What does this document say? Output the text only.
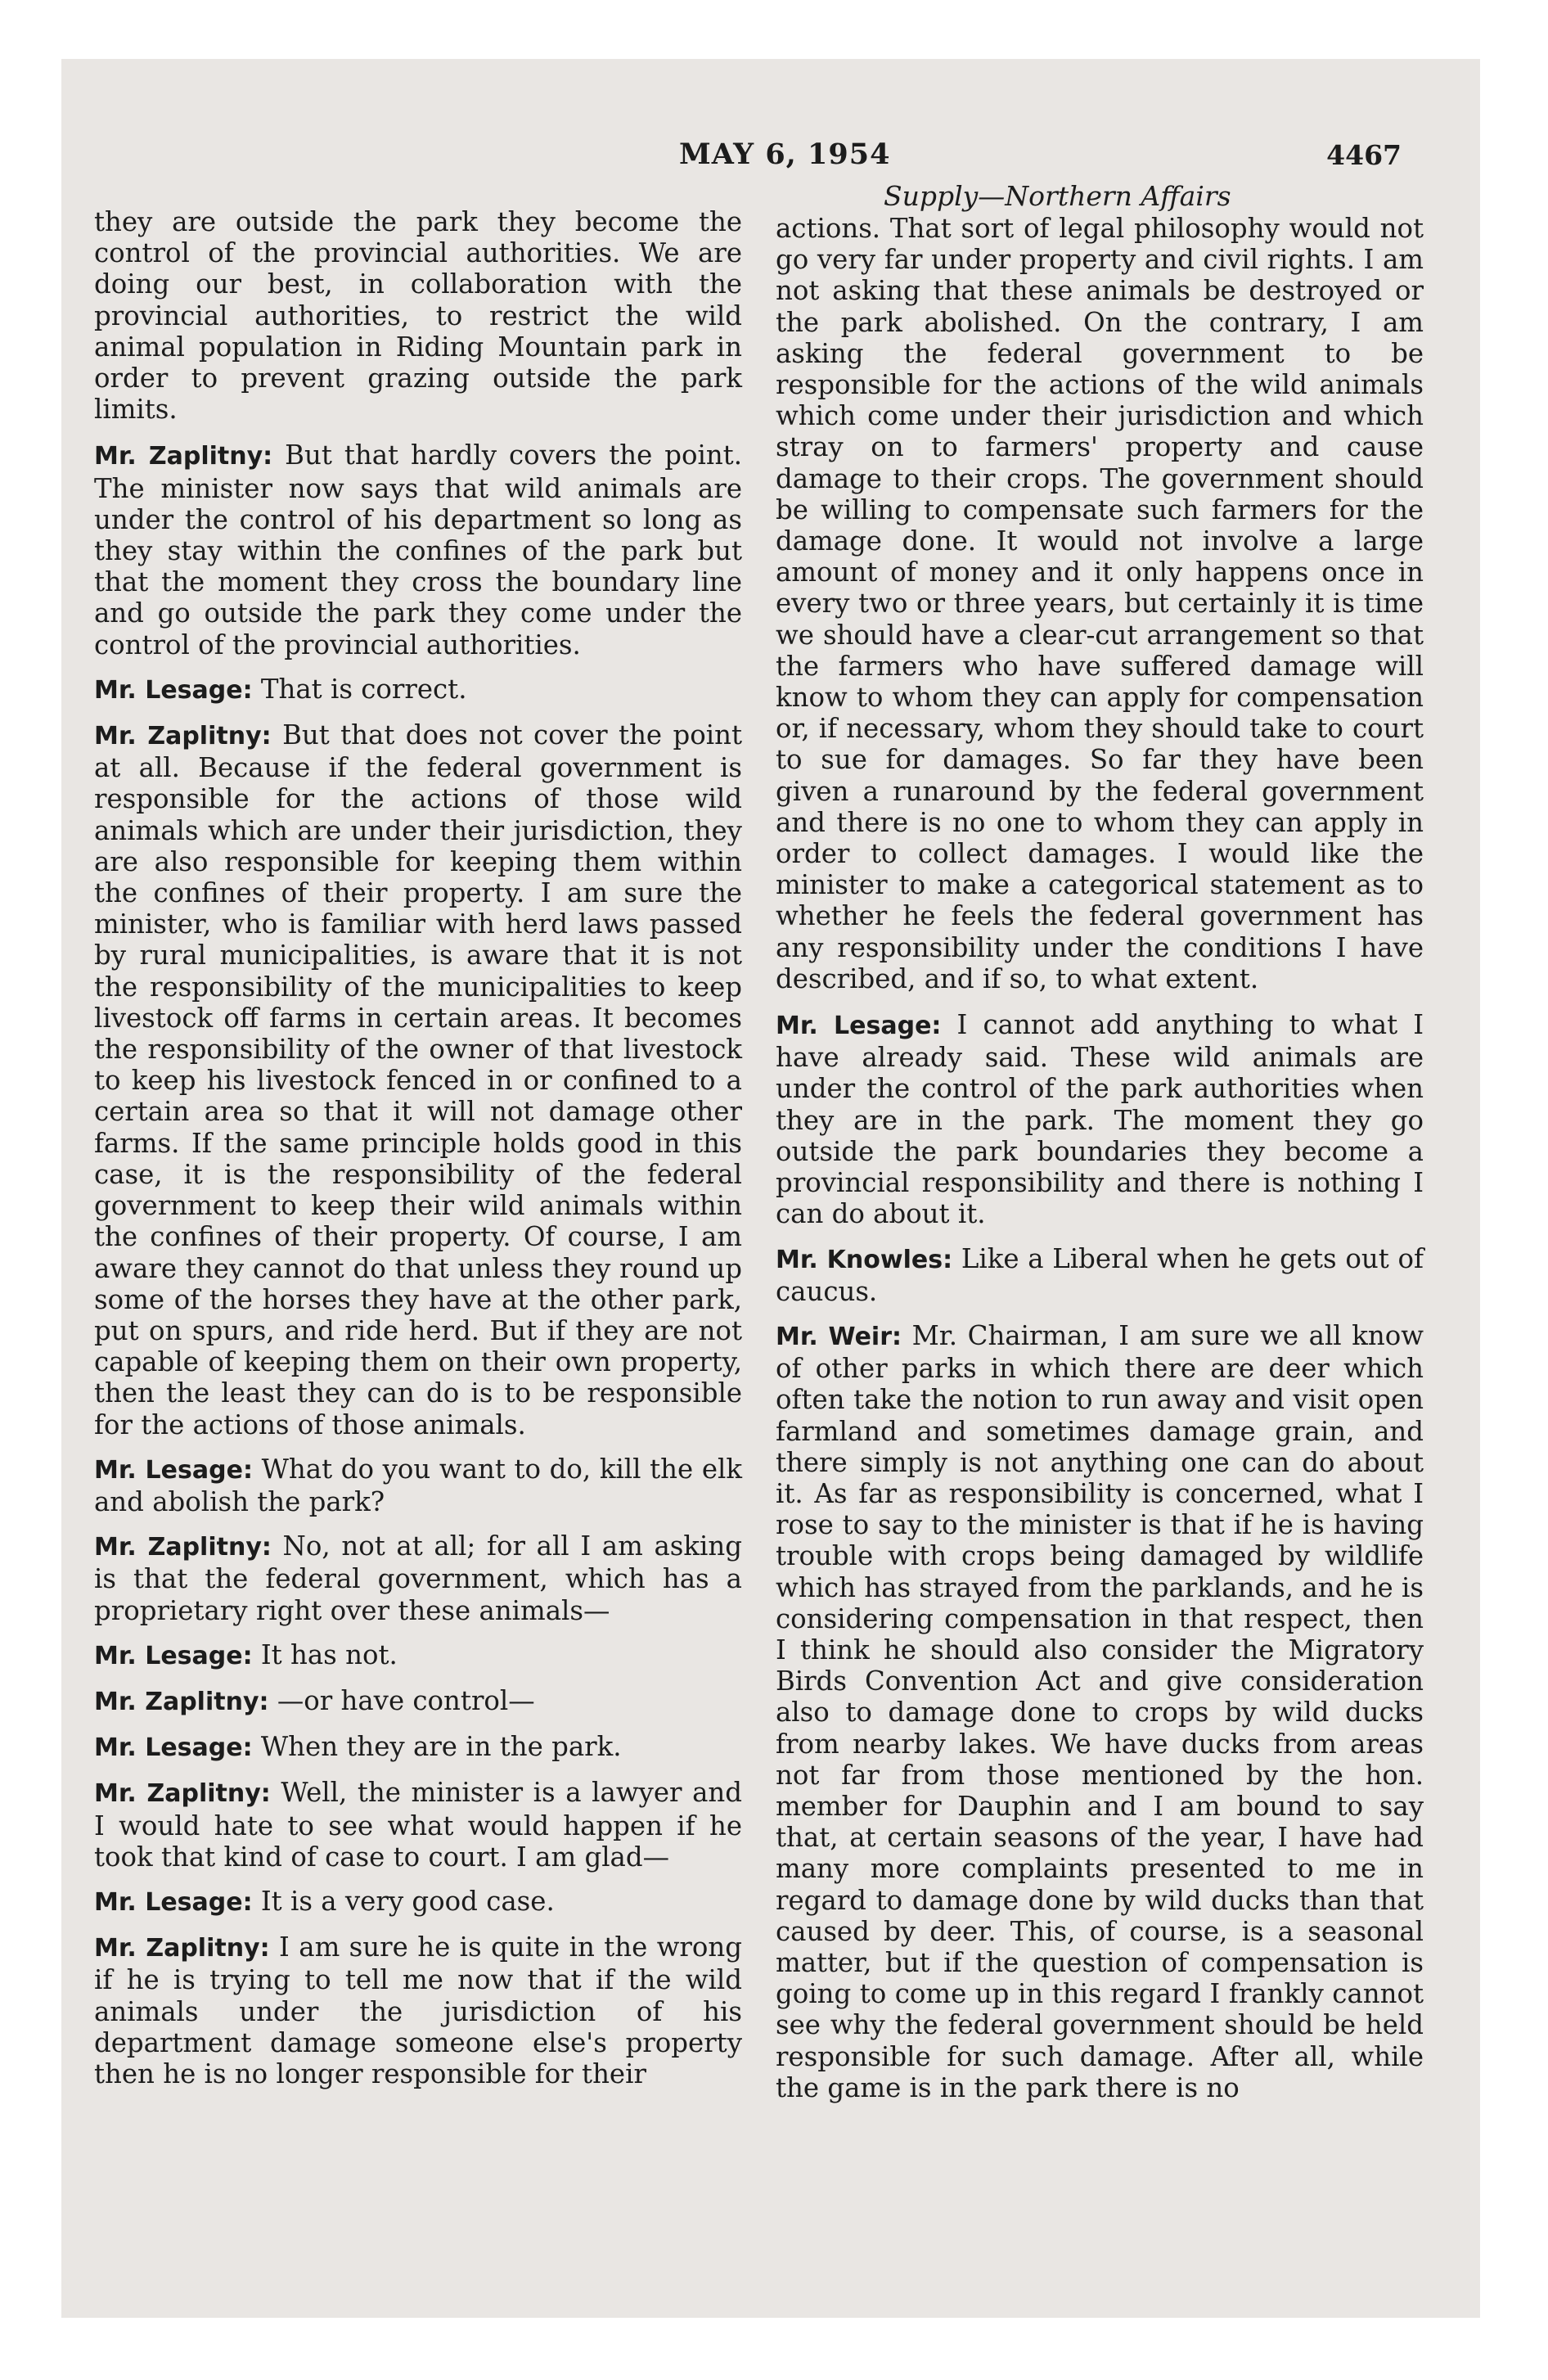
MAY 6, 1954	4467
Supply—Northern Affairs

they are outside the park they become the control of the provincial authorities. We are doing our best, in collaboration with the provincial authorities, to restrict the wild animal population in Riding Mountain park in order to prevent grazing outside the park limits.

Mr. Zaplitny: But that hardly covers the point. The minister now says that wild animals are under the control of his department so long as they stay within the confines of the park but that the moment they cross the boundary line and go outside the park they come under the control of the provincial authorities.

Mr. Lesage: That is correct.

Mr. Zaplitny: But that does not cover the point at all. Because if the federal government is responsible for the actions of those wild animals which are under their jurisdiction, they are also responsible for keeping them within the confines of their property. I am sure the minister, who is familiar with herd laws passed by rural municipalities, is aware that it is not the responsibility of the municipalities to keep livestock off farms in certain areas. It becomes the responsibility of the owner of that livestock to keep his livestock fenced in or confined to a certain area so that it will not damage other farms. If the same principle holds good in this case, it is the responsibility of the federal government to keep their wild animals within the confines of their property. Of course, I am aware they cannot do that unless they round up some of the horses they have at the other park, put on spurs, and ride herd. But if they are not capable of keeping them on their own property, then the least they can do is to be responsible for the actions of those animals.

Mr. Lesage: What do you want to do, kill the elk and abolish the park?

Mr. Zaplitny: No, not at all; for all I am asking is that the federal government, which has a proprietary right over these animals—

Mr. Lesage: It has not.

Mr. Zaplitny: —or have control—

Mr. Lesage: When they are in the park.

Mr. Zaplitny: Well, the minister is a lawyer and I would hate to see what would happen if he took that kind of case to court. I am glad—

Mr. Lesage: It is a very good case.

Mr. Zaplitny: I am sure he is quite in the wrong if he is trying to tell me now that if the wild animals under the jurisdiction of his department damage someone else's property then he is no longer responsible for their

actions. That sort of legal philosophy would not go very far under property and civil rights. I am not asking that these animals be destroyed or the park abolished. On the contrary, I am asking the federal government to be responsible for the actions of the wild animals which come under their jurisdiction and which stray on to farmers' property and cause damage to their crops. The government should be willing to compensate such farmers for the damage done. It would not involve a large amount of money and it only happens once in every two or three years, but certainly it is time we should have a clear-cut arrangement so that the farmers who have suffered damage will know to whom they can apply for compensation or, if necessary, whom they should take to court to sue for damages. So far they have been given a runaround by the federal government and there is no one to whom they can apply in order to collect damages. I would like the minister to make a categorical statement as to whether he feels the federal government has any responsibility under the conditions I have described, and if so, to what extent.

Mr. Lesage: I cannot add anything to what I have already said. These wild animals are under the control of the park authorities when they are in the park. The moment they go outside the park boundaries they become a provincial responsibility and there is nothing I can do about it.

Mr. Knowles: Like a Liberal when he gets out of caucus.

Mr. Weir: Mr. Chairman, I am sure we all know of other parks in which there are deer which often take the notion to run away and visit open farmland and sometimes damage grain, and there simply is not anything one can do about it. As far as responsibility is concerned, what I rose to say to the minister is that if he is having trouble with crops being damaged by wildlife which has strayed from the parklands, and he is considering compensation in that respect, then I think he should also consider the Migratory Birds Convention Act and give consideration also to damage done to crops by wild ducks from nearby lakes. We have ducks from areas not far from those mentioned by the hon. member for Dauphin and I am bound to say that, at certain seasons of the year, I have had many more complaints presented to me in regard to damage done by wild ducks than that caused by deer. This, of course, is a seasonal matter, but if the question of compensation is going to come up in this regard I frankly cannot see why the federal government should be held responsible for such damage. After all, while the game is in the park there is no
